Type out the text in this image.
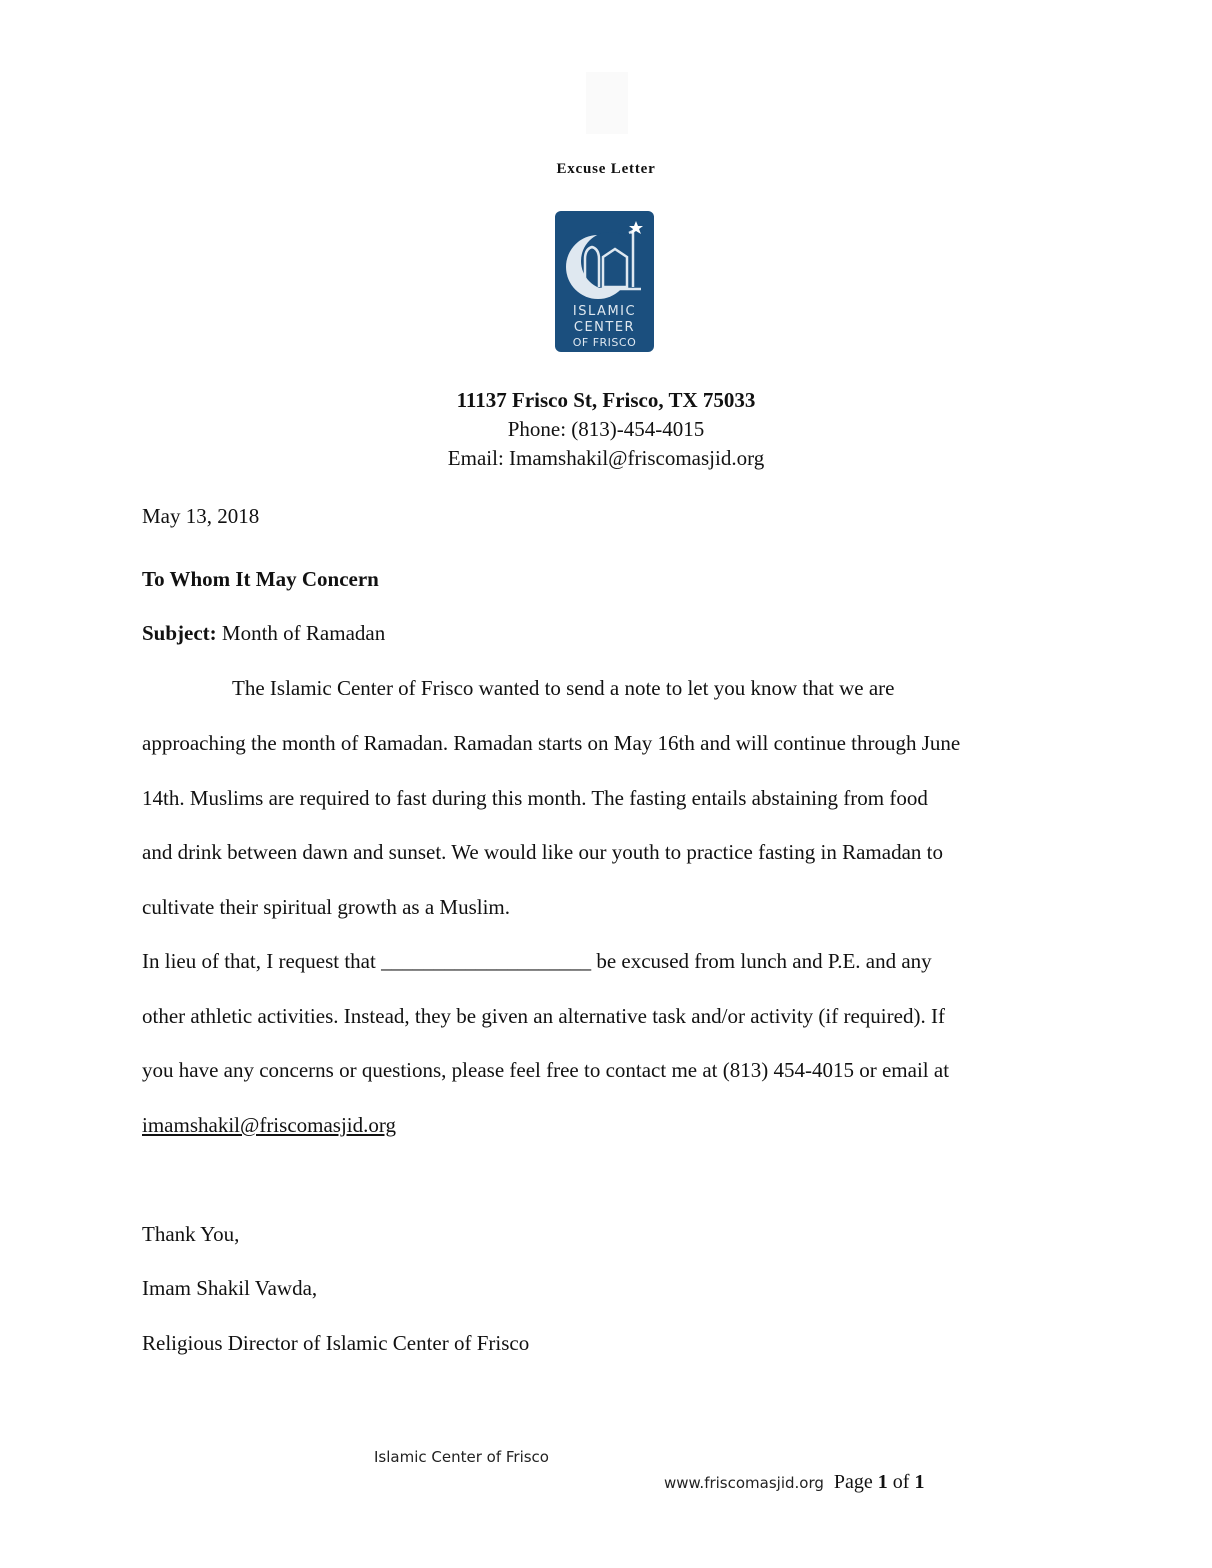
Excuse Letter
ISLAMIC
CENTER
OF FRISCO
11137 Frisco St, Frisco, TX 75033
Phone: (813)-454-4015
Email: Imamshakil@friscomasjid.org

May 13, 2018

To Whom It May Concern

Subject: Month of Ramadan

The Islamic Center of Frisco wanted to send a note to let you know that we are

approaching the month of Ramadan. Ramadan starts on May 16th and will continue through June

14th. Muslims are required to fast during this month. The fasting entails abstaining from food

and drink between dawn and sunset. We would like our youth to practice fasting in Ramadan to

cultivate their spiritual growth as a Muslim.

In lieu of that, I request that ____________________ be excused from lunch and P.E. and any

other athletic activities. Instead, they be given an alternative task and/or activity (if required). If

you have any concerns or questions, please feel free to contact me at (813) 454-4015 or email at

imamshakil@friscomasjid.org

Thank You,

Imam Shakil Vawda,

Religious Director of Islamic Center of Frisco

Islamic Center of Frisco
www.friscomasjid.org Page 1 of 1
